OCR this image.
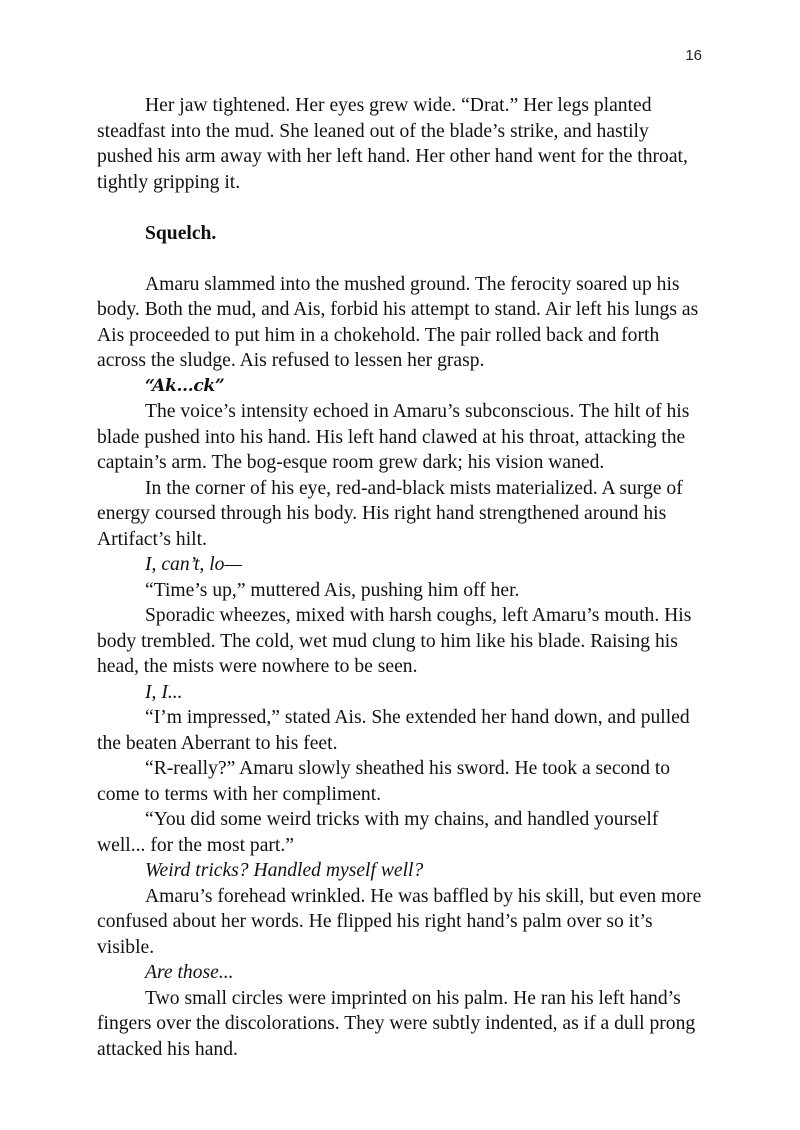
16

Her jaw tightened. Her eyes grew wide. “Drat.” Her legs planted steadfast into the mud. She leaned out of the blade’s strike, and hastily pushed his arm away with her left hand. Her other hand went for the throat, tightly gripping it.

Squelch.

Amaru slammed into the mushed ground. The ferocity soared up his body. Both the mud, and Ais, forbid his attempt to stand. Air left his lungs as Ais proceeded to put him in a chokehold. The pair rolled back and forth across the sludge. Ais refused to lessen her grasp.

“Ak...ck”

The voice’s intensity echoed in Amaru’s subconscious. The hilt of his blade pushed into his hand. His left hand clawed at his throat, attacking the captain’s arm. The bog-esque room grew dark; his vision waned.

In the corner of his eye, red-and-black mists materialized. A surge of energy coursed through his body. His right hand strengthened around his Artifact’s hilt.

I, can’t, lo—

“Time’s up,” muttered Ais, pushing him off her.

Sporadic wheezes, mixed with harsh coughs, left Amaru’s mouth. His body trembled. The cold, wet mud clung to him like his blade. Raising his head, the mists were nowhere to be seen.

I, I...

“I’m impressed,” stated Ais. She extended her hand down, and pulled the beaten Aberrant to his feet.

“R-really?” Amaru slowly sheathed his sword. He took a second to come to terms with her compliment.

“You did some weird tricks with my chains, and handled yourself well... for the most part.”

Weird tricks? Handled myself well?

Amaru’s forehead wrinkled. He was baffled by his skill, but even more confused about her words. He flipped his right hand’s palm over so it’s visible.

Are those...

Two small circles were imprinted on his palm. He ran his left hand’s fingers over the discolorations. They were subtly indented, as if a dull prong attacked his hand.
